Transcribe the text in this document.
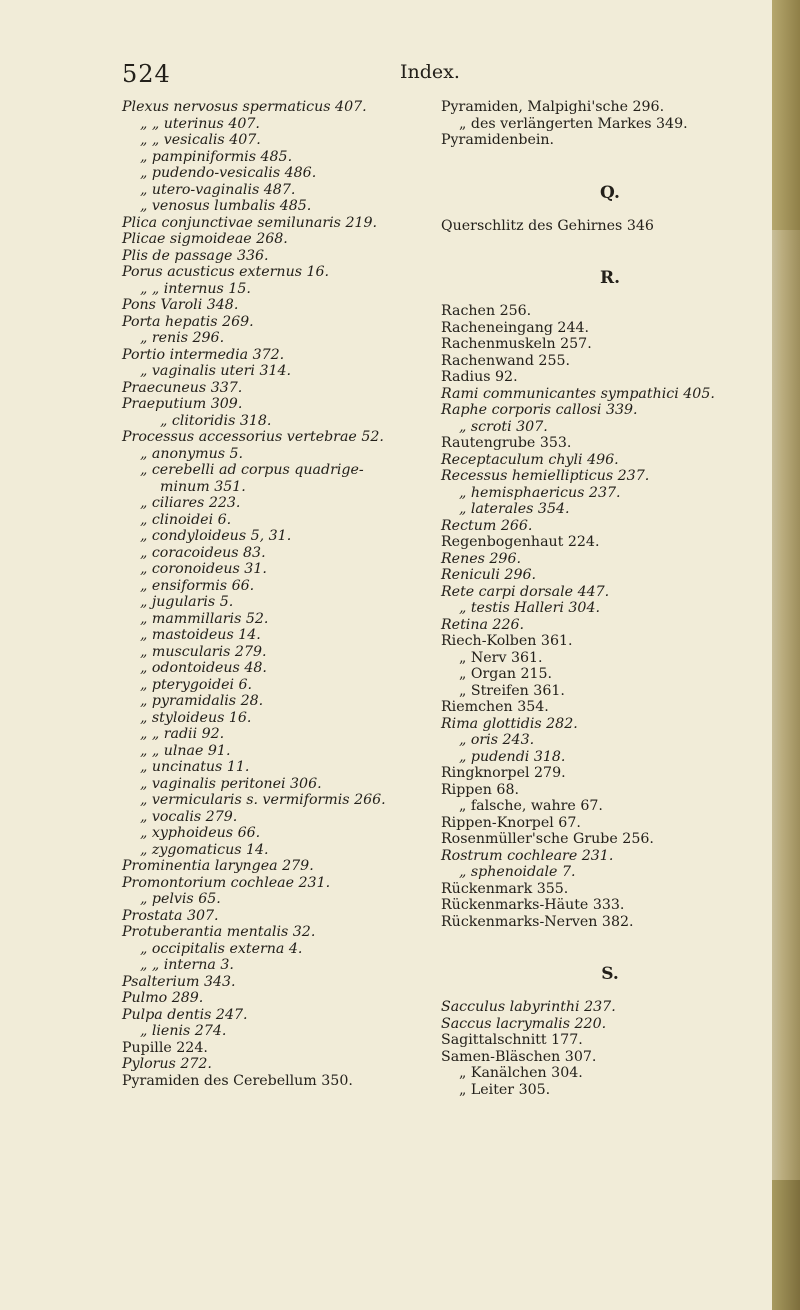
524	Index.
Plexus nervosus spermaticus 407.
„ „ uterinus 407.
„ „ vesicalis 407.
„ pampiniformis 485.
„ pudendo-vesicalis 486.
„ utero-vaginalis 487.
„ venosus lumbalis 485.
Plica conjunctivae semilunaris 219.
Plicae sigmoideae 268.
Plis de passage 336.
Porus acusticus externus 16.
„ „ internus 15.
Pons Varoli 348.
Porta hepatis 269.
„ renis 296.
Portio intermedia 372.
„ vaginalis uteri 314.
Praecuneus 337.
Praeputium 309.
„ clitoridis 318.
Processus accessorius vertebrae 52.
„ anonymus 5.
„ cerebelli ad corpus quadrige-
minum 351.
„ ciliares 223.
„ clinoidei 6.
„ condyloideus 5, 31.
„ coracoideus 83.
„ coronoideus 31.
„ ensiformis 66.
„ jugularis 5.
„ mammillaris 52.
„ mastoideus 14.
„ muscularis 279.
„ odontoideus 48.
„ pterygoidei 6.
„ pyramidalis 28.
„ styloideus 16.
„ „ radii 92.
„ „ ulnae 91.
„ uncinatus 11.
„ vaginalis peritonei 306.
„ vermicularis s. vermiformis 266.
„ vocalis 279.
„ xyphoideus 66.
„ zygomaticus 14.
Prominentia laryngea 279.
Promontorium cochleae 231.
„ pelvis 65.
Prostata 307.
Protuberantia mentalis 32.
„ occipitalis externa 4.
„ „ interna 3.
Psalterium 343.
Pulmo 289.
Pulpa dentis 247.
„ lienis 274.
Pupille 224.
Pylorus 272.
Pyramiden des Cerebellum 350.
Pyramiden, Malpighi'sche 296.
„ des verlängerten Markes 349.
Pyramidenbein.
Q.
Querschlitz des Gehirnes 346
R.
Rachen 256.
Racheneingang 244.
Rachenmuskeln 257.
Rachenwand 255.
Radius 92.
Rami communicantes sympathici 405.
Raphe corporis callosi 339.
„ scroti 307.
Rautengrube 353.
Receptaculum chyli 496.
Recessus hemiellipticus 237.
„ hemisphaericus 237.
„ laterales 354.
Rectum 266.
Regenbogenhaut 224.
Renes 296.
Reniculi 296.
Rete carpi dorsale 447.
„ testis Halleri 304.
Retina 226.
Riech-Kolben 361.
„ Nerv 361.
„ Organ 215.
„ Streifen 361.
Riemchen 354.
Rima glottidis 282.
„ oris 243.
„ pudendi 318.
Ringknorpel 279.
Rippen 68.
„ falsche, wahre 67.
Rippen-Knorpel 67.
Rosenmüller'sche Grube 256.
Rostrum cochleare 231.
„ sphenoidale 7.
Rückenmark 355.
Rückenmarks-Häute 333.
Rückenmarks-Nerven 382.
S.
Sacculus labyrinthi 237.
Saccus lacrymalis 220.
Sagittalschnitt 177.
Samen-Bläschen 307.
„ Kanälchen 304.
„ Leiter 305.
